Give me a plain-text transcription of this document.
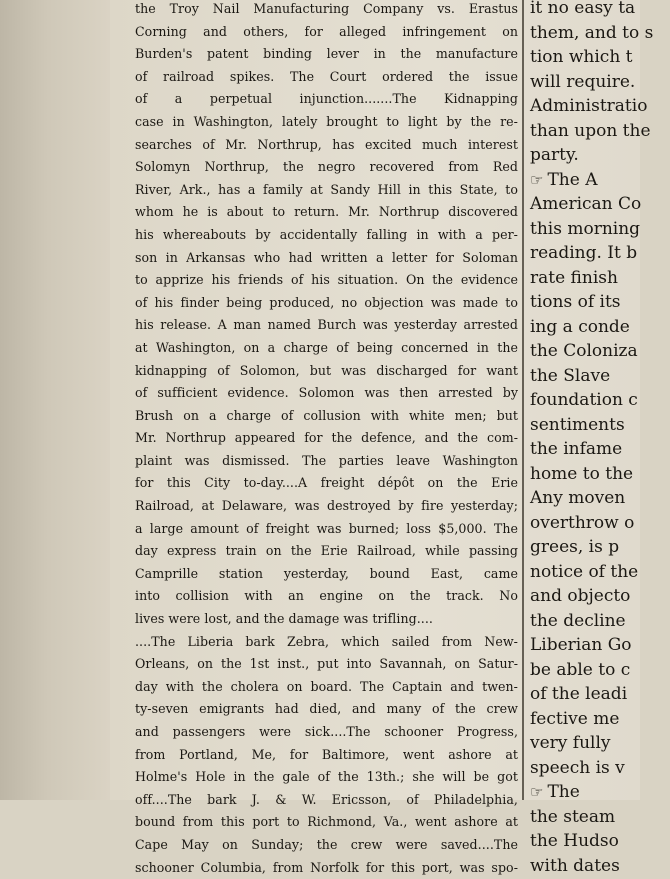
the Troy Nail Manufacturing Company vs. Erastus
Corning and others, for alleged infringement on
Burden's patent binding lever in the manufacture
of railroad spikes. The Court ordered the issue
of a perpetual injunction.......The Kidnapping
case in Washington, lately brought to light by the re-
searches of Mr. Northrup, has excited much interest
Solomyn Northrup, the negro recovered from Red
River, Ark., has a family at Sandy Hill in this State, to
whom he is about to return. Mr. Northrup discovered
his whereabouts by accidentally falling in with a per-
son in Arkansas who had written a letter for Soloman
to apprize his friends of his situation. On the evidence
of his finder being produced, no objection was made to
his release. A man named Burch was yesterday arrested
at Washington, on a charge of being concerned in the
kidnapping of Solomon, but was discharged for want
of sufficient evidence. Solomon was then arrested by
Brush on a charge of collusion with white men; but
Mr. Northrup appeared for the defence, and the com-
plaint was dismissed. The parties leave Washington
for this City to-day....A freight dépôt on the Erie
Railroad, at Delaware, was destroyed by fire yesterday;
a large amount of freight was burned; loss $5,000. The
day express train on the Erie Railroad, while passing
Camprille station yesterday, bound East, came
into collision with an engine on the track. No
lives were lost, and the damage was trifling....
....The Liberia bark Zebra, which sailed from New-
Orleans, on the 1st inst., put into Savannah, on Satur-
day with the cholera on board. The Captain and twen-
ty-seven emigrants had died, and many of the crew
and passengers were sick....The schooner Progress,
from Portland, Me, for Baltimore, went ashore at
Holme's Hole in the gale of the 13th.; she will be got
off....The bark J. & W. Ericsson, of Philadelphia,
bound from this port to Richmond, Va., went ashore at
Cape May on Sunday; the crew were saved....The
schooner Columbia, from Norfolk for this port, was spo-
it no easy ta
them, and to s
tion which t
will require.
Administratio
than upon the
party.
☞ The A
American Co
this morning
reading. It b
rate finish
tions of its
ing a conde
the Coloniza
the Slave
foundation c
sentiments
the infame
home to the
Any moven
overthrow o
grees, is p
notice of the
and objecto
the decline
Liberian Go
be able to c
of the leadi
fective me
very fully
speech is v
☞ The
the steam
the Hudso
with dates
